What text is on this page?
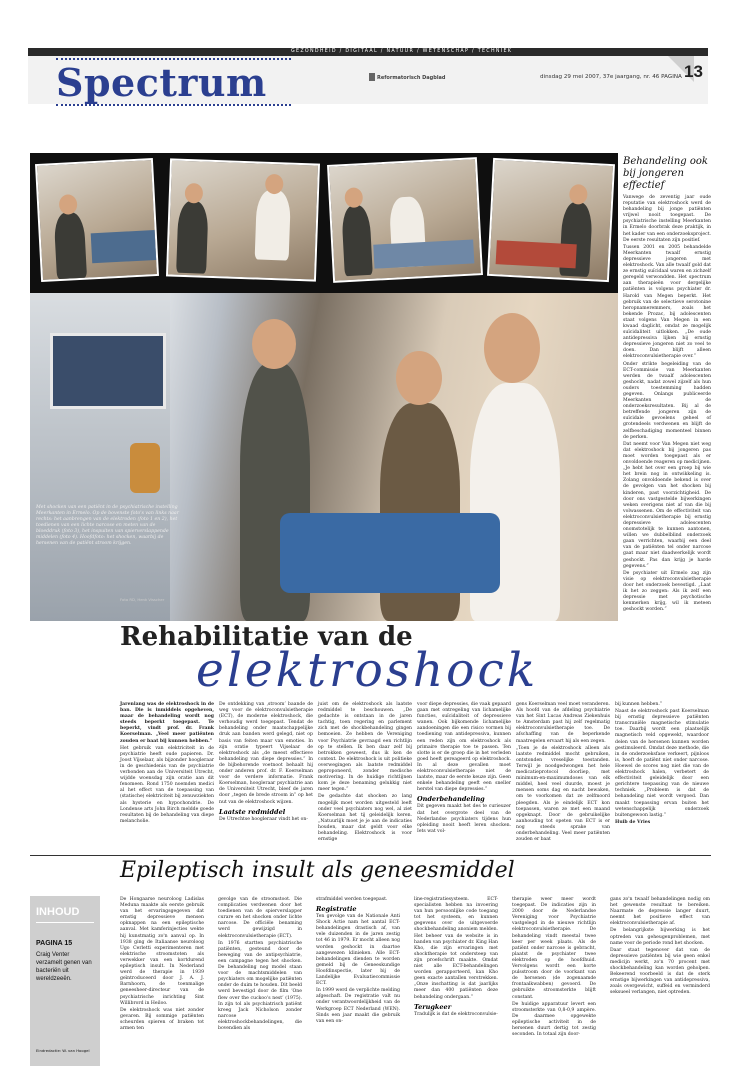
GEZONDHEID / DIGITAAL / NATUUR / WETENSCHAP / TECHNIEK
Spectrum	Reformatorisch Dagblad	dinsdag 29 mei 2007, 37e jaargang, nr. 46 PAGINA 13
Met shocken van een patiënt in de psychiatrische instelling Meerkanten in Ermelo. Op de bovenste foto's van links naar rechts: het aanbrengen van de elektroden (foto 1 en 2), het toedienen van een lichte narcose en meten van de bloeddruk (foto 3), het inspuiten van spierverslappende middelen (foto 4). Hoofdfoto: het shocken, waarbij de hersenen van de patiënt stroom krijgen.
Foto RD, Henk Visscher
Behandeling ook bij jongeren effectief

Vanwege de zeventig jaar oude reputatie van elektroshock werd de behandeling bij jonge patiënten vrijwel nooit toegepast. De psychiatrische instelling Meerkanten in Ermelo doorbrak deze praktijk, in het kader van een onderzoeksproject. De eerste resultaten zijn positief.

Tussen 2001 en 2005 behandelde Meerkanten twaalf ernstig depressieve jongeren met elektroshock. Van alle twaalf gold dat ze ernstig suïcidaal waren en zichzelf geregeld verwondden. Het spectrum aan therapieën voor dergelijke patiënten is volgens psychiater dr. Harold van Megen beperkt. Het gebruik van de selectieve serotonine heropnameremmers, zoals het bekende Prozac, bij adolescenten staat volgens Van Megen in een kwaad daglicht, omdat ze mogelijk suïcidaliteit uitlokken. „De oude antidepressiva lijken bij ernstig depressieve jongeren niet zo veel te doen. Dan blijft alleen elektroconvulsietherapie over.”

Onder strikte begeleiding van de ECT-commissie van Meerkanten werden de twaalf adolescenten geshockt, nadat zowel zijzelf als hun ouders toestemming hadden gegeven. Onlangs publiceerde Meerkanten de onderzoeksresultaten. Bij al de betreffende jongeren zijn de suïcidale gevoelens geheel of grotendeels verdwenen en blijft de zelfbeschadiging momenteel binnen de perken.

Dat neemt voor Van Megen niet weg dat elektroshock bij jongeren pas moet worden toegepast als er onvoldoende reageren op medicijnen. „Je hebt het over een groep bij wie het brein nog in ontwikkeling is. Zolang onvoldoende bekend is over de gevolgen van het shocken bij kinderen, past voorzichtigheid. De door ons vastgestelde bijwerkingen weken overigens niet af van die bij volwassenen. Om de effectiviteit van elektroconvulsietherapie bij ernstig depressieve adolescenten onomstotelijk te kunnen aantonen, willen we dubbelblind onderzoek gaan verrichten, waarbij een deel van de patiënten tel onder narcose gaat maar niet daadwerkelijk wordt geshockt. Pas dan krijg je harde gegevens.”

De psychiater uit Ermelo zag zijn visie op elektroconvulsietherapie door het onderzoek bevestigd. „Laat ik het zo zeggen: Als ik zelf een depressie met psychotische kenmerken krijg, wil ik meteen geshockt worden.”

Rehabilitatie van de
elektroshock

Jarenlang was de elektroshock in de ban. Die is inmiddels opgeheven, maar de behandeling wordt nog steeds beperkt toegepast. Te beperkt, vindt prof. dr. Frank Koerselman. „Veel meer patiënten zouden er baat bij kunnen hebben.”

Het gebruik van elektriciteit in de psychiatrie heeft oude papieren. Dr. Joost Vijselaar, als bijzonder hoogleraar in de geschiedenis van de psychiatrie verbonden aan de Universiteit Utrecht, wijdde woensdag zijn oratie aan dit fenomeen. Rond 1750 noemden medici al het effect van de toepassing van (statische) elektriciteit bij zenuwziekten als hysterie en hypochondrie. De Londense arts John Birch meldde goede resultaten bij de behandeling van diepe melancholie.

De ontdekking van ‚stroom’ baande de weg voor de elektroconvulsietherapie (ECT), de moderne elektroshock, die verhoudig werd toegepast. Tendat de behandeling onder maatschappelijke druk aan banden werd gelegd, niet op basis van feiten maar van emoties. In zijn oratie typeert Vijselaar de elektroshock als „de meest effectieve behandeling van diepe depressies.” In de bijbehorende voetnoot behaalt hij onder anderen prof. dr. F. Koerselman voor de verdere informatie. Frank Koerselman, hoogleraar psychiatrie aan de Universiteit Utrecht, bleef de jaren door „tegen de brede stroom in” op het nut van de elektroshock wijzen.

Laatste redmiddel

De Utrechtse hoogleraar vindt het on-

juist om de elektroshock als laatste redmiddel te beschouwen. „De gedachte is ontstaan in de jaren tachtig, toen regering en parlement zich met de shockbehandeling gingen bemoeien. Ze hebben de Vereniging voor Psychiatrie gevraagd een richtlijn op te stellen. Ik ben daar zelf bij betrokken geweest, dus ik ken de context. De elektroshock is uit politieke overwegingen als laatste redmiddel geproponeerd, zonder medische motivering. In de huidige richtlijnen kom je deze benaming gelukkig niet meer tegen.”

De gedachte dat shocken zo lang mogelijk moet worden uitgesteld leeft onder veel psychiaters nog wel, al ziet Koerselman het tij geleidelijk keren. „Natuurlijk moet je je aan de indicaties houden, maar dat geldt voor elke behandeling. Elektroshock is voor ernstige

voor diepe depressies, die vaak gepaard gaan met ontregeling van lichamelijke functies, suïcidaliteit of depressieve wanen. Ook bijkomende lichamelijke aandoeningen die een risico vormen bij toediening van antidepressiva, kunnen een reden zijn om elektroshock als primaire therapie toe te passen. Ten slotte is er de groep die in het verleden goed heeft gereageerd op elektroshock. In al deze gevallen moet elektroconvulsietherapie niet de laatste, maar de eerste keuze zijn. Geen enkele behandeling geeft een sneller herstel van diepe depressies.”

Onderbehandeling

Dit gegeven maakt het des te curieuzer dat het overgrote deel van de Nederlandse psychiaters tijdens hun opleiding nooit heeft leren shocken. Iets wat vol-

gens Koerselman veel moet veranderen. Als hoofd van de afdeling psychiatrie van het Sint Lucas Andreas Ziekenhuis te Amsterdam past hij zelf regelmatig elektroconvulsietherapie toe. De afschaffing van de beperkende maatregelen ervaart hij als een zegen.

„Toen je de elektroshock alleen als laatste redmiddel mocht gebruiken, ontstonden vreselijke toestanden. Terwijl je noodgedwongen het hele medicatieprotocol doorliep, met minimum-en-maximumdoses van elk middel, heel veel duurde, moest je mensen soms dag en nacht bewaken, om te voorkomen dat ze zelfmoord pleegden. Als je eindelijk ECT kon toepassen, waren ze met een maand opgeknapt. Door de gebruikelijke aanhouding tot opeten van ECT is er nog steeds sprake van onderbehandeling. Veel meer patiënten zouden er baat

Epileptisch insult als geneesmiddel
INHOUD
PAGINA 15
Craig Venter verzamelt genen van bacteriën uit wereldzeeën.
Eindredactie: W. van Hoogel

De Hongaarse neuroloog Ladislas Meduna maakte als eerste gebruik van het ervaringsgegeven dat ernstig depressieve mensen opknappen na een epileptische aanval. Met kamferinjecties wekte hij kunstmatig zo'n aanval op. In 1938 ging de Italiaanse neuroloog Ugo Cerletti experimenteren met elektrische stroomstoten als verwekker van een kortdurend epileptisch insult. In Nederland werd de therapie in 1939 geïntroduceerd door J. A. J. Barnhoorn, de toenmalige geneesheer-directeur van de psychiatrische inrichting Sint Willibrord in Heiloo.

De elektroshock was niet zonder gevaren. Bij sommige patiënten scheurden spieren of braken tot armen ten

gevolge van de stroomstoot. Die complicaties verdwenen door het toedienen van de spierverslapper curare en het shocken onder lichte narcose. De officiële benaming werd gewijzigd in elektroconvulsietherapie (ECT).

In 1976 startten psychiatrische patiënten, gesteund door de beweging van de antipsychiatrie, een campagne tegen het shocken. De behandeling nog model staan voor de machtsmiddelen van psychiaters om mogelijke patiënten onder de duim te houden. Dit beeld werd bevestigd door de film ‘One flew over the cuckoo's nest’ (1975). In zijn tol als psychiatrisch patiënt kreeg Jack Nicholson zonder narcose elektroshockbehandelingen, die bovendien als

strafmiddel werden toegepast.

Registratie

Ten gevolge van de Nationale Anti Shock Actie nam het aantal ECT-behandelingen drastisch af, van vele duizenden in de jaren zestig tot 46 in 1979. Er mocht alleen nog worden geshockt in daartoe aangewezen klinieken. Alle ECT-behandelingen dienden te worden gemeld bij de Geneeskundige Hoofdinspectie, later bij de Landelijke Evaluatiecommissie ECT.

In 1999 werd de verplichte melding afgeschaft. De registratie valt nu onder verantwoordelijkheid van de Werkgroep ECT Nederland (WEN). Sinds een jaar maakt die gebruik van een on-

line-registratiesysteem. ECT-specialisten hebben na invoering van hun persoonlijke code toegang tot het systeem, en kunnen gegevens over de uitgevoerde shockbehandeling anoniem melden. Het beheer van de website is in handen van psychiater dr. King Han Kho, die zijn ervaringen met shocktherapie tot ondersteep van zijn proefschrift maakte. Omdat niet alle ECT-behandelingen worden gerapporteerd, kan Kho geen exacte aantallen verstrekken. „Onze inschatting is dat jaarlijks meer dan 400 patiënten deze behandeling ondergaan.”

Terugkeer

Tradulijk is dat de elektroconvulsie-

therapie weer meer wordt toegepast. De indicaties zijn in 2000 door de Nederlandse Vereniging voor Psychiatrie vastgelegd in de nieuwe richtlijn elektroconvulsietherapie. De behandeling vindt meestal twee keer per week plaats. Als de patiënt onder narcose is gebracht, plaatst de psychiater twee elektroden op de hoofdhuid. Vervolgens wordt een korte pulsstroom door de voorkant van de hersenen (de zogenaamde frontaalkwabben) gevoerd. De gebruikte stroomsterkte blijft constant.

De huidige apparatuur levert een stroomsterkte van 0,8-0,9 ampère. De daarmee opgewekte epileptische activiteit in de hersenen duurt dertig tot zestig seconden. In totaal zijn door-

gans zo'n twaalf behandelingen nodig om het gewenste resultaat te bereiken. Naarmate de depressie langer duurt, neemt het positieve effect van elektroconvulsietherapie af.

De belangrijkste bijwerking is het optreden van geheugenproblemen, met name voor de periode rond het shocken.

Daar staat tegenover dat van de depressieve patiënten bij wie geen enkel medicijn werkt, zo'n 70 procent met shockbehandeling kan worden geholpen. Bekeerend voorbeeld is dat de sterk ernstige bijwerkingen van antidepressiva, zoals overgewicht, suffeid en verminderd seksueel verlangen, niet optreden.

bij kunnen hebben.”

Naast de elektroshock past Koerselman bij ernstig depressieve patiënten transcraniële magnetische stimulatie toe. Daarbij wordt een plaatselijk magnetisch veld opgewekt, waardoor delen van de hersenen kunnen worden gestimuleerd. Omdat deze methode, die in de onderzoeksfase verkeert, pijnloos is, hoeft de patiënt niet onder narcose. Hoewel de scores nog niet die van de elektroshock halen, verbetert de effectiviteit geleidelijk door een gerichtere toepassing van de nieuwe techniek. „Probleem is dat de behandeling niet wordt vergoed. Dan maakt toepassing ervan buiten het wetenschappelijk onderzoek buitengewoon lastig.”

Huib de Vries
